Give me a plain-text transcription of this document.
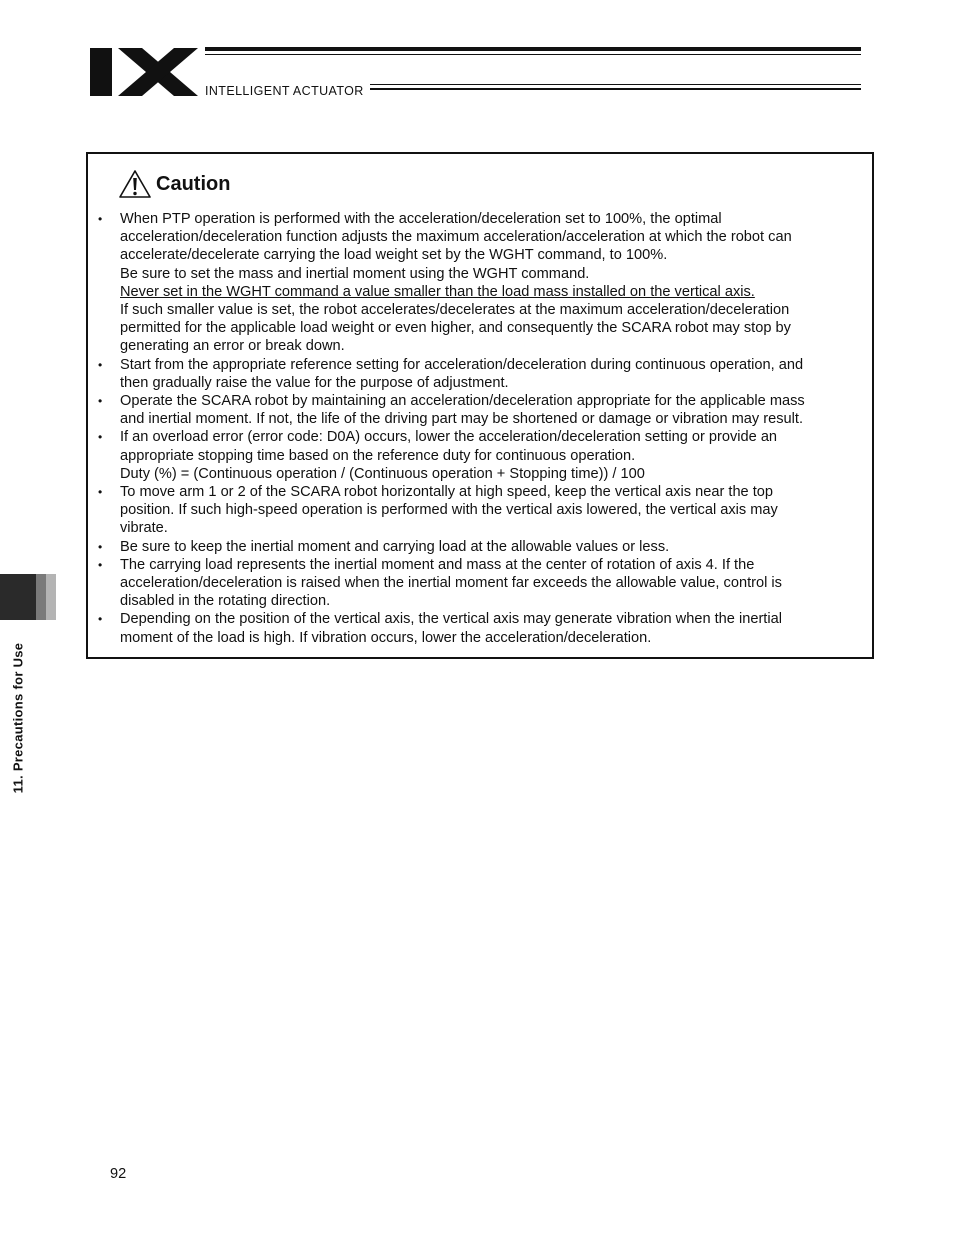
INTELLIGENT ACTUATOR
Caution
• When PTP operation is performed with the acceleration/deceleration set to 100%, the optimal
acceleration/deceleration function adjusts the maximum acceleration/acceleration at which the robot can
accelerate/decelerate carrying the load weight set by the WGHT command, to 100%.
Be sure to set the mass and inertial moment using the WGHT command.
Never set in the WGHT command a value smaller than the load mass installed on the vertical axis.
If such smaller value is set, the robot accelerates/decelerates at the maximum acceleration/deceleration
permitted for the applicable load weight or even higher, and consequently the SCARA robot may stop by
generating an error or break down.
• Start from the appropriate reference setting for acceleration/deceleration during continuous operation, and
then gradually raise the value for the purpose of adjustment.
• Operate the SCARA robot by maintaining an acceleration/deceleration appropriate for the applicable mass
and inertial moment. If not, the life of the driving part may be shortened or damage or vibration may result.
• If an overload error (error code: D0A) occurs, lower the acceleration/deceleration setting or provide an
appropriate stopping time based on the reference duty for continuous operation.
Duty (%) = (Continuous operation / (Continuous operation + Stopping time)) / 100
• To move arm 1 or 2 of the SCARA robot horizontally at high speed, keep the vertical axis near the top
position. If such high-speed operation is performed with the vertical axis lowered, the vertical axis may
vibrate.
• Be sure to keep the inertial moment and carrying load at the allowable values or less.
• The carrying load represents the inertial moment and mass at the center of rotation of axis 4. If the
acceleration/deceleration is raised when the inertial moment far exceeds the allowable value, control is
disabled in the rotating direction.
• Depending on the position of the vertical axis, the vertical axis may generate vibration when the inertial
moment of the load is high. If vibration occurs, lower the acceleration/deceleration.
11. Precautions for Use
92
